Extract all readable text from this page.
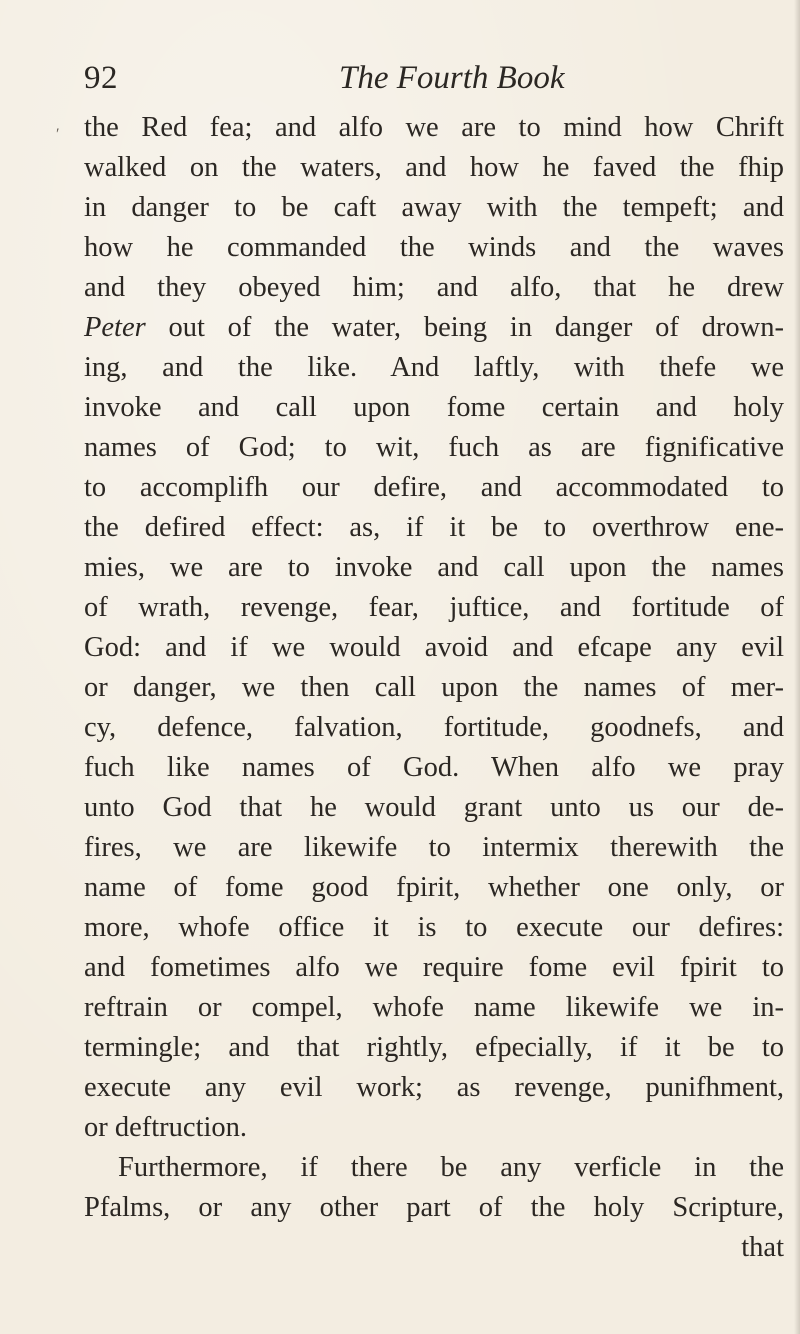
92	The Fourth Book
′ the Red fea; and alfo we are to mind how Chrift
walked on the waters, and how he faved the fhip
in danger to be caft away with the tempeft; and
how he commanded the winds and the waves
and they obeyed him; and alfo, that he drew
Peter out of the water, being in danger of drown-
ing, and the like. And laftly, with thefe we
invoke and call upon fome certain and holy
names of God; to wit, fuch as are fignificative
to accomplifh our defire, and accommodated to
the defired effect: as, if it be to overthrow ene-
mies, we are to invoke and call upon the names
of wrath, revenge, fear, juftice, and fortitude of
God: and if we would avoid and efcape any evil
or danger, we then call upon the names of mer-
cy, defence, falvation, fortitude, goodnefs, and
fuch like names of God. When alfo we pray
unto God that he would grant unto us our de-
fires, we are likewife to intermix therewith the
name of fome good fpirit, whether one only, or
more, whofe office it is to execute our defires:
and fometimes alfo we require fome evil fpirit to
reftrain or compel, whofe name likewife we in-
termingle; and that rightly, efpecially, if it be to
execute any evil work; as revenge, punifhment,
or deftruction.
Furthermore, if there be any verficle in the
Pfalms, or any other part of the holy Scripture,
that
